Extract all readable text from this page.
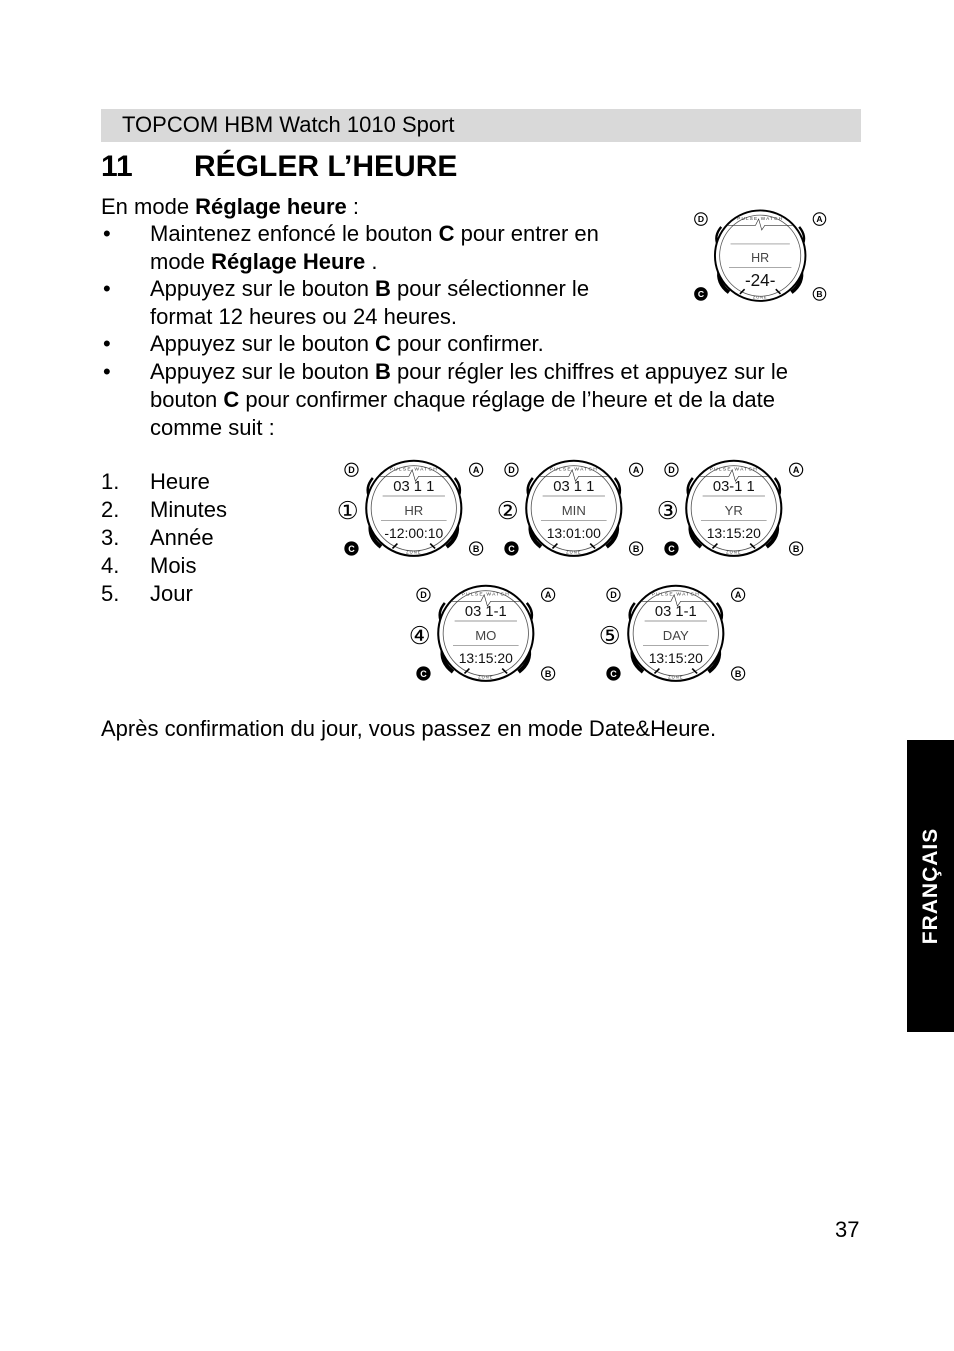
TOPCOM HBM Watch 1010 Sport
11 RÉGLER L’HEURE
En mode Réglage heure :
• Maintenez enfoncé le bouton C pour entrer en
mode Réglage Heure .
• Appuyez sur le bouton B pour sélectionner le
format 12 heures ou 24 heures.
• Appuyez sur le bouton C pour confirmer.
• Appuyez sur le bouton B pour régler les chiffres et appuyez sur le
bouton C pour confirmer chaque réglage de l’heure et de la date
comme suit :
1. Heure
2. Minutes
3. Année
4. Mois
5. Jour
PULSE WATCH
HR
-24-
ZONE
D	A
C	B
PULSE WATCH
03 1 1
HR
-12:00:10
ZONE
D	A
C	B
①
PULSE WATCH
03 1 1
MIN
13:01:00
ZONE
D	A
C	B
②
PULSE WATCH
03-1 1
YR
13:15:20
ZONE
D	A
C	B
③
PULSE WATCH
03 1-1
MO
13:15:20
ZONE
D	A
C	B
④
PULSE WATCH
03 1-1
DAY
13:15:20
ZONE
D	A
C	B
⑤
Après confirmation du jour, vous passez en mode Date&Heure.
FRANÇAIS
37
